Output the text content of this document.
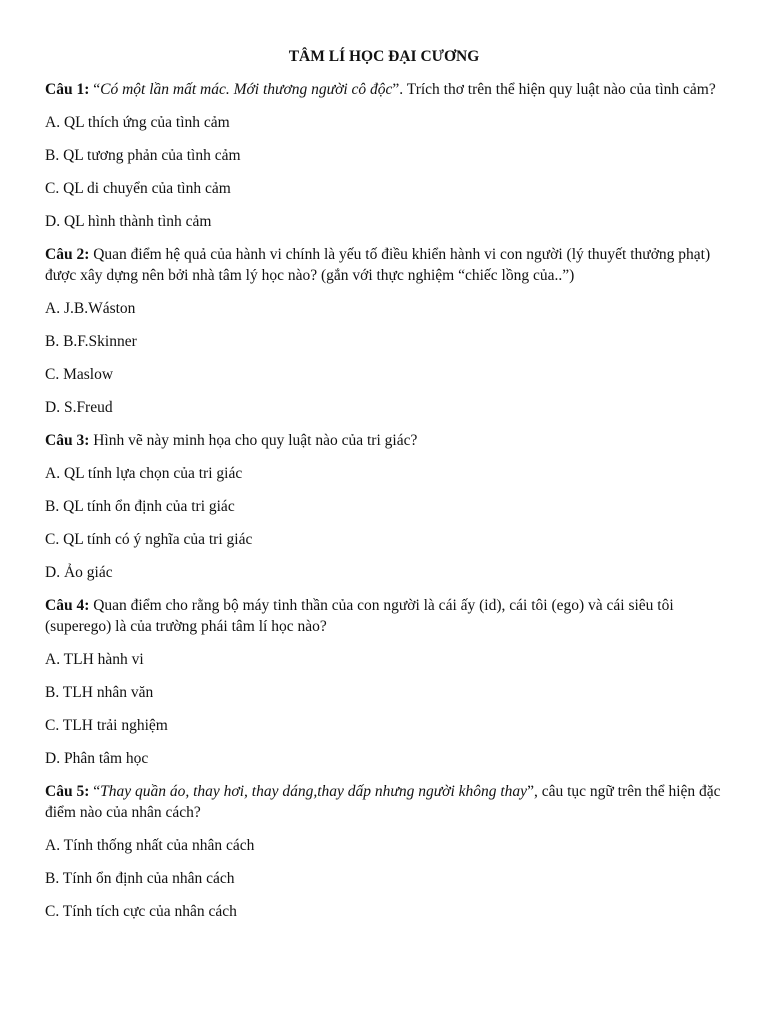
TÂM LÍ HỌC ĐẠI CƯƠNG
Câu 1: “Có một lần mất mác. Mới thương người cô độc”. Trích thơ trên thể hiện quy luật nào của tình cảm?
A. QL thích ứng của tình cảm
B. QL tương phản của tình cảm
C. QL di chuyển của tình cảm
D. QL hình thành tình cảm
Câu 2: Quan điểm hệ quả của hành vi chính là yếu tố điều khiển hành vi con người (lý thuyết thưởng phạt) được xây dựng nên bởi nhà tâm lý học nào? (gắn với thực nghiệm “chiếc lồng của..”)
A. J.B.Wáston
B. B.F.Skinner
C. Maslow
D. S.Freud
Câu 3: Hình vẽ này minh họa cho quy luật nào của tri giác?
A. QL tính lựa chọn của tri giác
B. QL tính ổn định của tri giác
C. QL tính có ý nghĩa của tri giác
D. Ảo giác
Câu 4: Quan điểm cho rằng bộ máy tinh thần của con người là cái ấy (id), cái tôi (ego) và cái siêu tôi (superego) là của trường phái tâm lí học nào?
A. TLH hành vi
B. TLH nhân văn
C. TLH trải nghiệm
D. Phân tâm học
Câu 5: “Thay quần áo, thay hơi, thay dáng,thay dấp nhưng người không thay”, câu tục ngữ trên thể hiện đặc điểm nào của nhân cách?
A. Tính thống nhất của nhân cách
B. Tính ổn định của nhân cách
C. Tính tích cực của nhân cách
